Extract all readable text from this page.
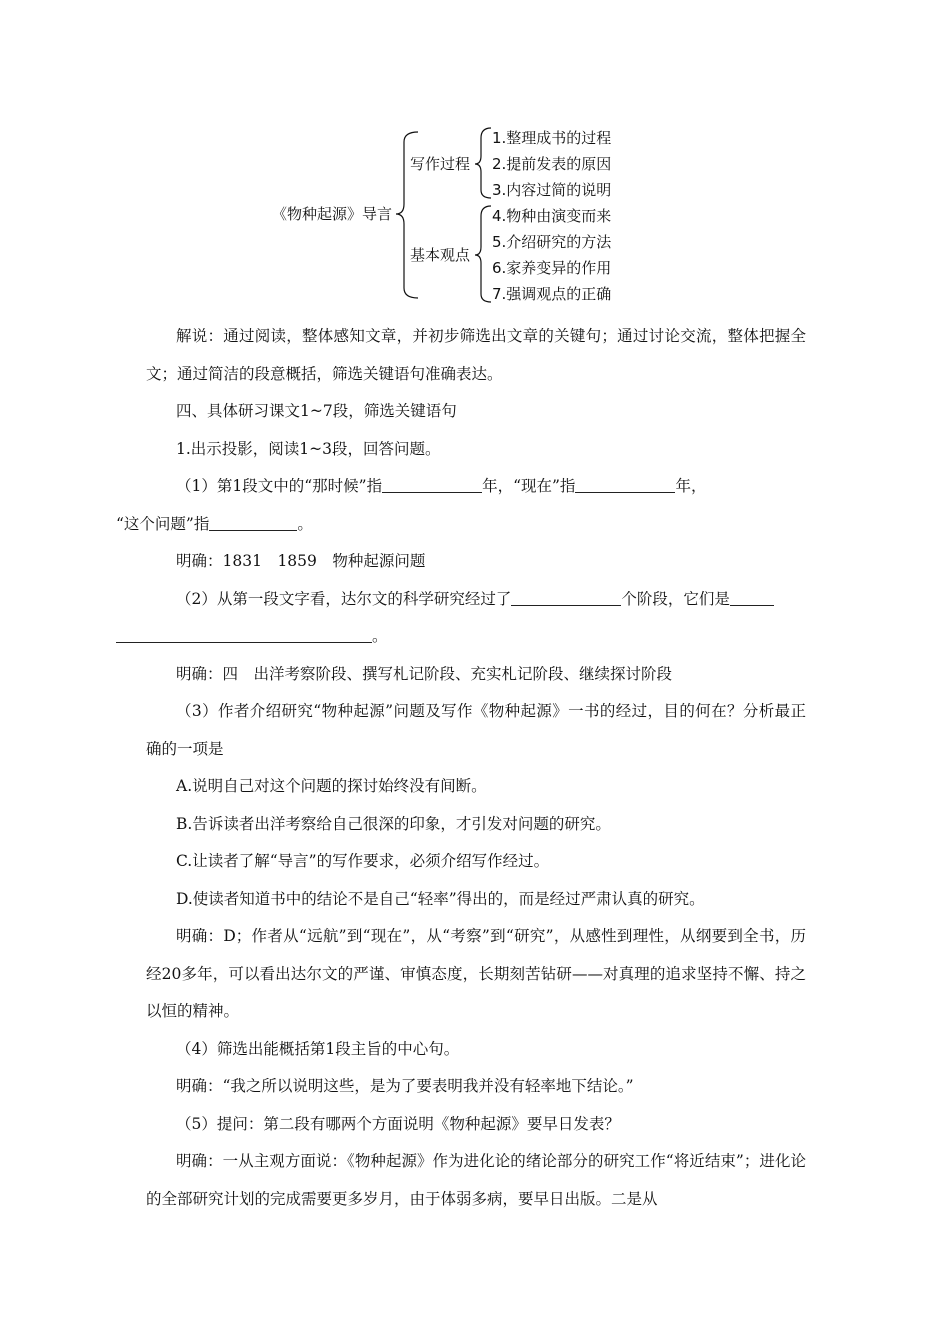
《物种起源》导言
写作过程
基本观点
1.整理成书的过程
2.提前发表的原因
3.内容过简的说明
4.物种由演变而来
5.介绍研究的方法
6.家养变异的作用
7.强调观点的正确

解说：通过阅读，整体感知文章，并初步筛选出文章的关键句；通过讨论交流，整体把握全文；通过简洁的段意概括，筛选关键语句准确表达。

四、具体研习课文1~7段，筛选关键语句

1.出示投影，阅读1~3段，回答问题。

（1）第1段文中的“那时候”指	年，“现在”指	年，
“这个问题”指	。

明确：1831　1859　物种起源问题

（2）从第一段文字看，达尔文的科学研究经过了	个阶段，它们是
。

明确：四　出洋考察阶段、撰写札记阶段、充实札记阶段、继续探讨阶段

（3）作者介绍研究“物种起源”问题及写作《物种起源》一书的经过，目的何在？分析最正确的一项是

A.说明自己对这个问题的探讨始终没有间断。

B.告诉读者出洋考察给自己很深的印象，才引发对问题的研究。

C.让读者了解“导言”的写作要求，必须介绍写作经过。

D.使读者知道书中的结论不是自己“轻率”得出的，而是经过严肃认真的研究。

明确：D；作者从“远航”到“现在”，从“考察”到“研究”，从感性到理性，从纲要到全书，历经20多年，可以看出达尔文的严谨、审慎态度，长期刻苦钻研——对真理的追求坚持不懈、持之以恒的精神。

（4）筛选出能概括第1段主旨的中心句。

明确：“我之所以说明这些，是为了要表明我并没有轻率地下结论。”

（5）提问：第二段有哪两个方面说明《物种起源》要早日发表？

明确：一从主观方面说：《物种起源》作为进化论的绪论部分的研究工作“将近结束”；进化论的全部研究计划的完成需要更多岁月，由于体弱多病，要早日出版。二是从
